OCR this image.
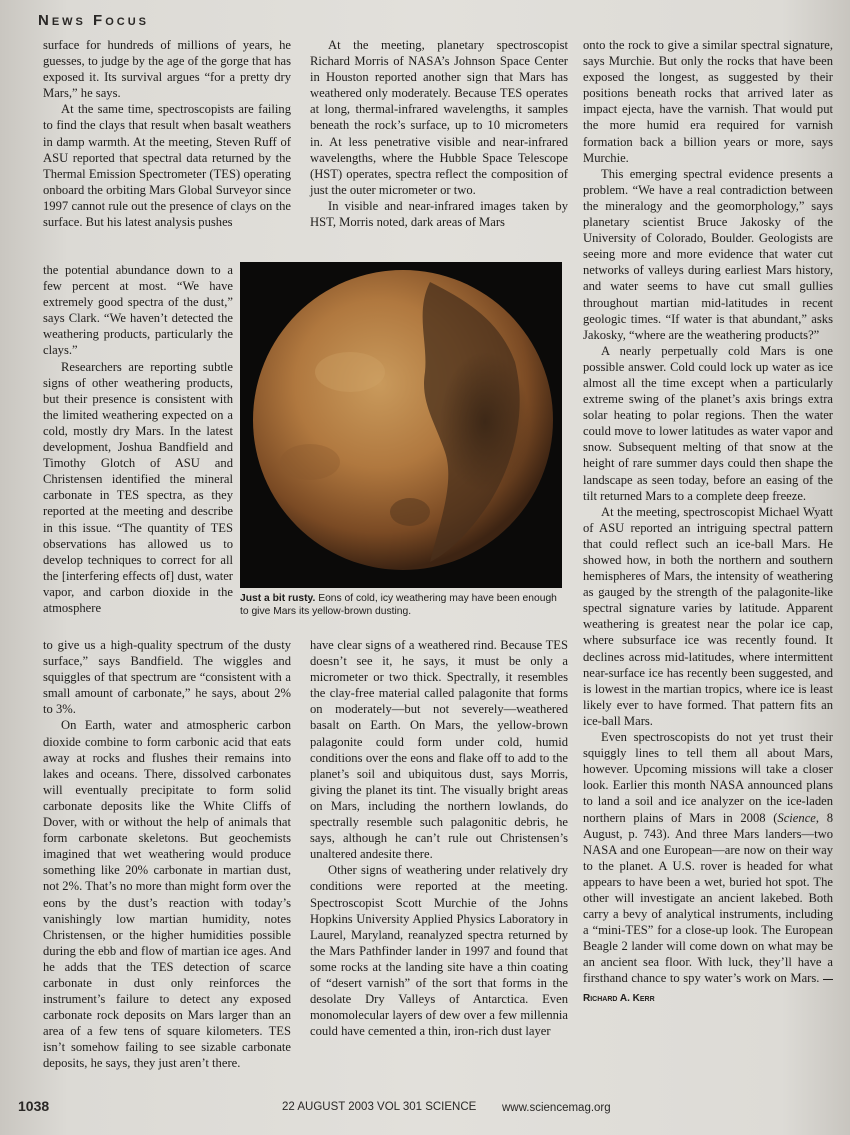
News Focus

surface for hundreds of millions of years, he guesses, to judge by the age of the gorge that has exposed it. Its survival argues “for a pretty dry Mars,” he says.

At the same time, spectroscopists are failing to find the clays that result when basalt weathers in damp warmth. At the meeting, Steven Ruff of ASU reported that spectral data returned by the Thermal Emission Spectrometer (TES) operating onboard the orbiting Mars Global Surveyor since 1997 cannot rule out the presence of clays on the surface. But his latest analysis pushes

the potential abundance down to a few percent at most. “We have extremely good spectra of the dust,” says Clark. “We haven’t detected the weathering products, particularly the clays.”

Researchers are reporting subtle signs of other weathering products, but their presence is consistent with the limited weathering expected on a cold, mostly dry Mars. In the latest development, Joshua Bandfield and Timothy Glotch of ASU and Christensen identified the mineral carbonate in TES spectra, as they reported at the meeting and describe in this issue. “The quantity of TES observations has allowed us to develop techniques to correct for all the [interfering effects of] dust, water vapor, and carbon dioxide in the atmosphere

to give us a high-quality spectrum of the dusty surface,” says Bandfield. The wiggles and squiggles of that spectrum are “consistent with a small amount of carbonate,” he says, about 2% to 3%.

On Earth, water and atmospheric carbon dioxide combine to form carbonic acid that eats away at rocks and flushes their remains into lakes and oceans. There, dissolved carbonates will eventually precipitate to form solid carbonate deposits like the White Cliffs of Dover, with or without the help of animals that form carbonate skeletons. But geochemists imagined that wet weathering would produce something like 20% carbonate in martian dust, not 2%. That’s no more than might form over the eons by the dust’s reaction with today’s vanishingly low martian humidity, notes Christensen, or the higher humidities possible during the ebb and flow of martian ice ages. And he adds that the TES detection of scarce carbonate in dust only reinforces the instrument’s failure to detect any exposed carbonate rock deposits on Mars larger than an area of a few tens of square kilometers. TES isn’t somehow failing to see sizable carbonate deposits, he says, they just aren’t there.

At the meeting, planetary spectroscopist Richard Morris of NASA’s Johnson Space Center in Houston reported another sign that Mars has weathered only moderately. Because TES operates at long, thermal-infrared wavelengths, it samples beneath the rock’s surface, up to 10 micrometers in. At less penetrative visible and near-infrared wavelengths, where the Hubble Space Telescope (HST) operates, spectra reflect the composition of just the outer micrometer or two.

In visible and near-infrared images taken by HST, Morris noted, dark areas of Mars

have clear signs of a weathered rind. Because TES doesn’t see it, he says, it must be only a micrometer or two thick. Spectrally, it resembles the clay-free material called palagonite that forms on moderately—but not severely—weathered basalt on Earth. On Mars, the yellow-brown palagonite could form under cold, humid conditions over the eons and flake off to add to the planet’s soil and ubiquitous dust, says Morris, giving the planet its tint. The visually bright areas on Mars, including the northern lowlands, do spectrally resemble such palagonitic debris, he says, although he can’t rule out Christensen’s unaltered andesite there.

Other signs of weathering under relatively dry conditions were reported at the meeting. Spectroscopist Scott Murchie of the Johns Hopkins University Applied Physics Laboratory in Laurel, Maryland, reanalyzed spectra returned by the Mars Pathfinder lander in 1997 and found that some rocks at the landing site have a thin coating of “desert varnish” of the sort that forms in the desolate Dry Valleys of Antarctica. Even monomolecular layers of dew over a few millennia could have cemented a thin, iron-rich dust layer

onto the rock to give a similar spectral signature, says Murchie. But only the rocks that have been exposed the longest, as suggested by their positions beneath rocks that arrived later as impact ejecta, have the varnish. That would put the more humid era required for varnish formation back a billion years or more, says Murchie.

This emerging spectral evidence presents a problem. “We have a real contradiction between the mineralogy and the geomorphology,” says planetary scientist Bruce Jakosky of the University of Colorado, Boulder. Geologists are seeing more and more evidence that water cut networks of valleys during earliest Mars history, and water seems to have cut small gullies throughout martian mid-latitudes in recent geologic times. “If water is that abundant,” asks Jakosky, “where are the weathering products?”

A nearly perpetually cold Mars is one possible answer. Cold could lock up water as ice almost all the time except when a particularly extreme swing of the planet’s axis brings extra solar heating to polar regions. Then the water could move to lower latitudes as water vapor and snow. Subsequent melting of that snow at the height of rare summer days could then shape the landscape as seen today, before an easing of the tilt returned Mars to a complete deep freeze.

At the meeting, spectroscopist Michael Wyatt of ASU reported an intriguing spectral pattern that could reflect such an ice-ball Mars. He showed how, in both the northern and southern hemispheres of Mars, the intensity of weathering as gauged by the strength of the palagonite-like spectral signature varies by latitude. Apparent weathering is greatest near the polar ice cap, where subsurface ice was recently found. It declines across mid-latitudes, where intermittent near-surface ice has recently been suggested, and is lowest in the martian tropics, where ice is least likely ever to have formed. That pattern fits an ice-ball Mars.

Even spectroscopists do not yet trust their squiggly lines to tell them all about Mars, however. Upcoming missions will take a closer look. Earlier this month NASA announced plans to land a soil and ice analyzer on the ice-laden northern plains of Mars in 2008 (Science, 8 August, p. 743). And three Mars landers—two NASA and one European—are now on their way to the planet. A U.S. rover is headed for what appears to have been a wet, buried hot spot. The other will investigate an ancient lakebed. Both carry a bevy of analytical instruments, including a “mini-TES” for a close-up look. The European Beagle 2 lander will come down on what may be an ancient sea floor. With luck, they’ll have a firsthand chance to spy water’s work on Mars. —Richard A. Kerr

Just a bit rusty. Eons of cold, icy weathering may have been enough to give Mars its yellow-brown dusting.
1038	22 AUGUST 2003 VOL 301 SCIENCE www.sciencemag.org
